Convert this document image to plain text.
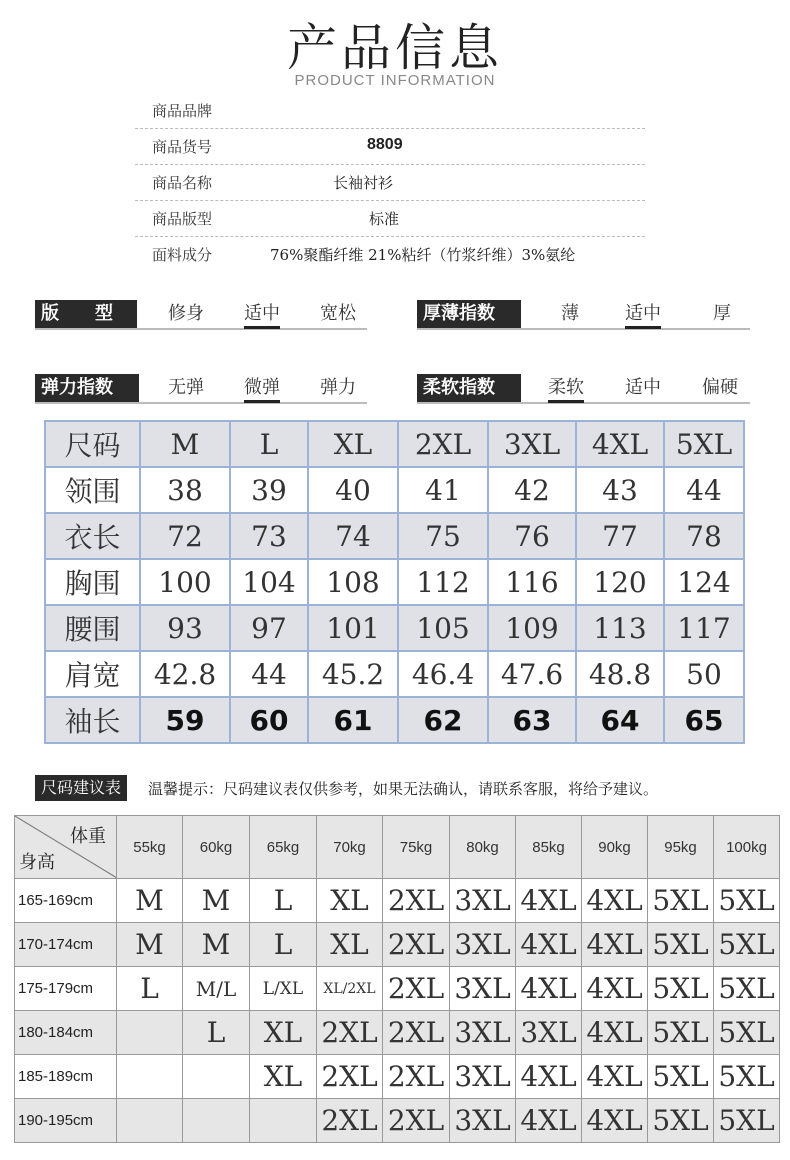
产品信息
PRODUCT INFORMATION
商品品牌
商品货号	8809
商品名称	长袖衬衫
商品版型	标准
面料成分	76%聚酯纤维 21%粘纤（竹浆纤维）3%氨纶
版　　型	修身 适中 宽松	厚薄指数	薄	适中	厚
弹力指数	无弹 微弹 弹力	柔软指数	柔软 适中 偏硬
尺码	M	L	XL	2XL	3XL	4XL	5XL
领围	38	39	40	41	42	43	44
衣长	72	73	74	75	76	77	78
胸围	100	104	108	112	116	120	124
腰围	93	97	101	105	109	113	117
肩宽	42.8	44	45.2	46.4	47.6	48.8	50
袖长	59	60	61	62	63	64	65
尺码建议表	温馨提示：尺码建议表仅供参考，如果无法确认，请联系客服，将给予建议。
体重
身高	55kg	60kg	65kg	70kg	75kg	80kg	85kg	90kg	95kg	100kg
165-169cm	M	M	L	XL	2XL	3XL	4XL	4XL	5XL	5XL
170-174cm	M	M	L	XL	2XL	3XL	4XL	4XL	5XL	5XL
175-179cm	L	M/L	L/XL	XL/2XL	2XL	3XL	4XL	4XL	5XL	5XL
180-184cm		L	XL	2XL	2XL	3XL	3XL	4XL	5XL	5XL
185-189cm			XL	2XL	2XL	3XL	4XL	4XL	5XL	5XL
190-195cm				2XL	2XL	3XL	4XL	4XL	5XL	5XL
